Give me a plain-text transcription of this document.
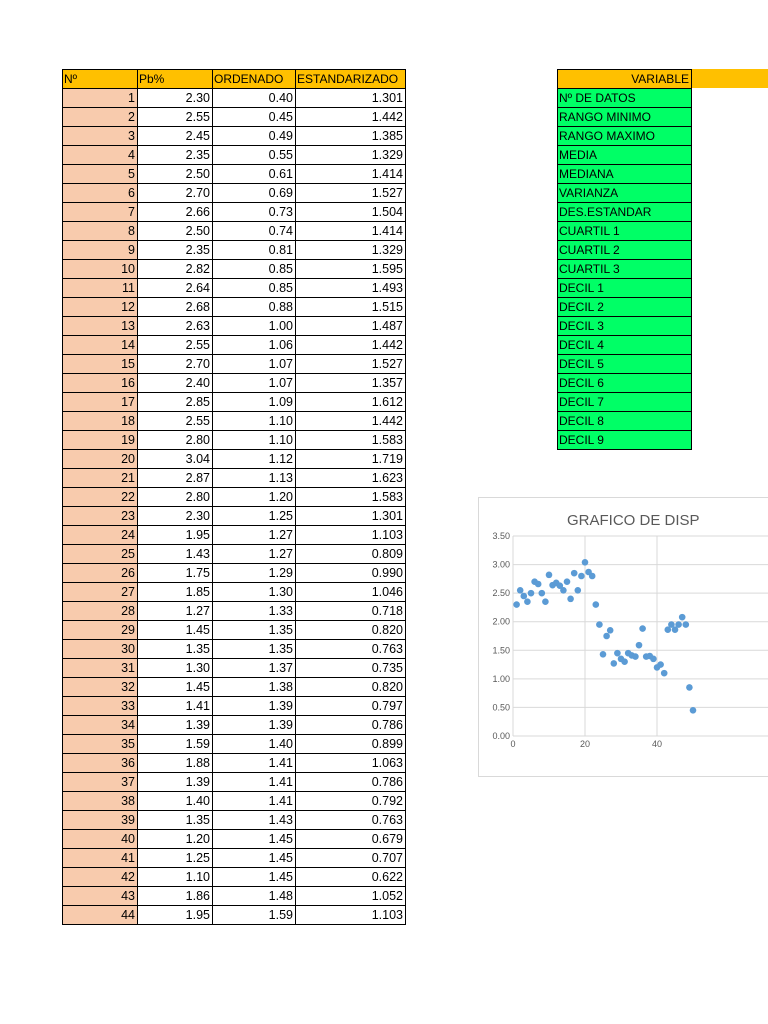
Nº	Pb%	ORDENADO	ESTANDARIZADO
1	2.30	0.40	1.301
2	2.55	0.45	1.442
3	2.45	0.49	1.385
4	2.35	0.55	1.329
5	2.50	0.61	1.414
6	2.70	0.69	1.527
7	2.66	0.73	1.504
8	2.50	0.74	1.414
9	2.35	0.81	1.329
10	2.82	0.85	1.595
11	2.64	0.85	1.493
12	2.68	0.88	1.515
13	2.63	1.00	1.487
14	2.55	1.06	1.442
15	2.70	1.07	1.527
16	2.40	1.07	1.357
17	2.85	1.09	1.612
18	2.55	1.10	1.442
19	2.80	1.10	1.583
20	3.04	1.12	1.719
21	2.87	1.13	1.623
22	2.80	1.20	1.583
23	2.30	1.25	1.301
24	1.95	1.27	1.103
25	1.43	1.27	0.809
26	1.75	1.29	0.990
27	1.85	1.30	1.046
28	1.27	1.33	0.718
29	1.45	1.35	0.820
30	1.35	1.35	0.763
31	1.30	1.37	0.735
32	1.45	1.38	0.820
33	1.41	1.39	0.797
34	1.39	1.39	0.786
35	1.59	1.40	0.899
36	1.88	1.41	1.063
37	1.39	1.41	0.786
38	1.40	1.41	0.792
39	1.35	1.43	0.763
40	1.20	1.45	0.679
41	1.25	1.45	0.707
42	1.10	1.45	0.622
43	1.86	1.48	1.052
44	1.95	1.59	1.103
VARIABLE
Nº DE DATOS
RANGO MINIMO
RANGO MAXIMO
MEDIA
MEDIANA
VARIANZA
DES.ESTANDAR
CUARTIL 1
CUARTIL 2
CUARTIL 3
DECIL 1
DECIL 2
DECIL 3
DECIL 4
DECIL 5
DECIL 6
DECIL 7
DECIL 8
DECIL 9
GRAFICO DE DISP
0.00
0.50
1.00
1.50
2.00
2.50
3.00
3.50
0	20	40
